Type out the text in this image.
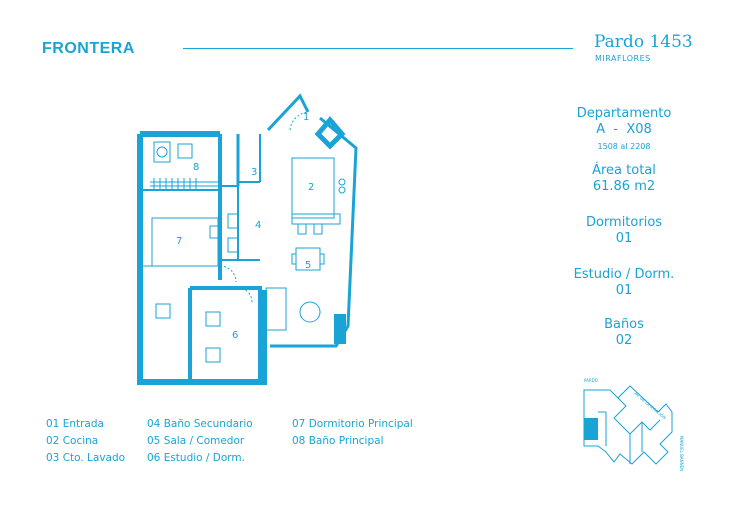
FRONTERA	Pardo 1453
MIRAFLORES
1
2
3
4
5
6
7
8
Departamento
A  -  X08
1508 al 2208
Área total
61.86 m2
Dormitorios
01
Estudio / Dorm.
01
Baños
02
01 Entrada
02 Cocina
03 Cto. Lavado
04 Baño Secundario
05 Sala / Comedor
06 Estudio / Dorm.
07 Dormitorio Principal
08 Baño Principal
PARDO
AV. DE LA AVIACIÓN
MANUEL BANNEN
